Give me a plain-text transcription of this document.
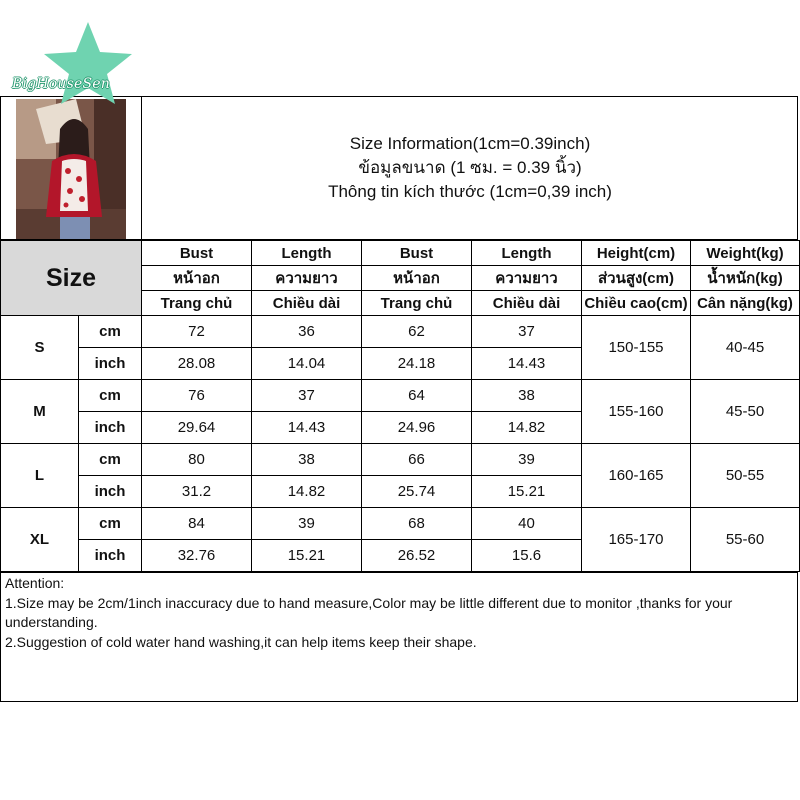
BigHouseSen
Size Information(1cm=0.39inch)
ข้อมูลขนาด (1 ซม. = 0.39 นิ้ว)
Thông tin kích thước (1cm=0,39 inch)
Size		Bust	Length	Bust	Length	Height(cm)	Weight(kg)
		หน้าอก	ความยาว	หน้าอก	ความยาว	ส่วนสูง(cm)	น้ำหนัก(kg)
		Trang chủ	Chiều dài	Trang chủ	Chiều dài	Chiều cao(cm)	Cân nặng(kg)
S	cm	72	36	62	37	150-155	40-45
	inch	28.08	14.04	24.18	14.43		
M	cm	76	37	64	38	155-160	45-50
	inch	29.64	14.43	24.96	14.82		
L	cm	80	38	66	39	160-165	50-55
	inch	31.2	14.82	25.74	15.21		
XL	cm	84	39	68	40	165-170	55-60
	inch	32.76	15.21	26.52	15.6		
Attention:
1.Size may be 2cm/1inch inaccuracy due to hand measure,Color may be little different due to monitor ,thanks for your understanding.
2.Suggestion of cold water hand washing,it can help items keep their shape.
